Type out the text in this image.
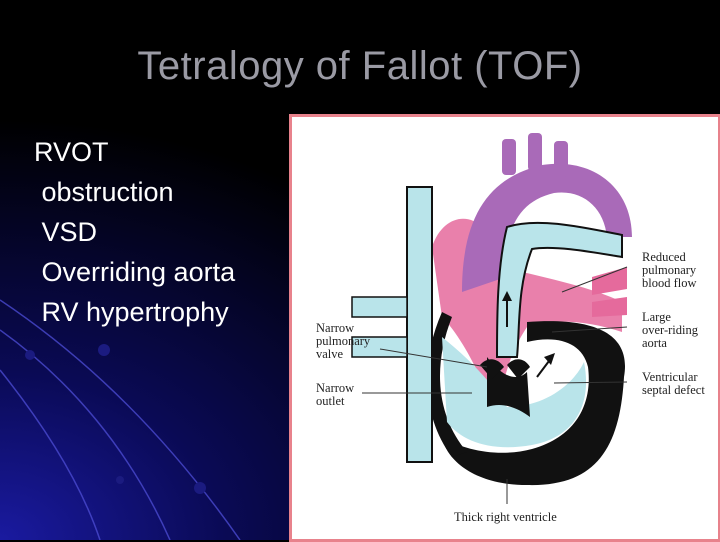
Tetralogy of Fallot (TOF)
RVOT
obstruction
VSD
Overriding aorta
RV hypertrophy
Narrow
pulmonary
valve
Narrow
outlet
Reduced
pulmonary
blood flow
Large
over-riding
aorta
Ventricular
septal defect
Thick right ventricle
